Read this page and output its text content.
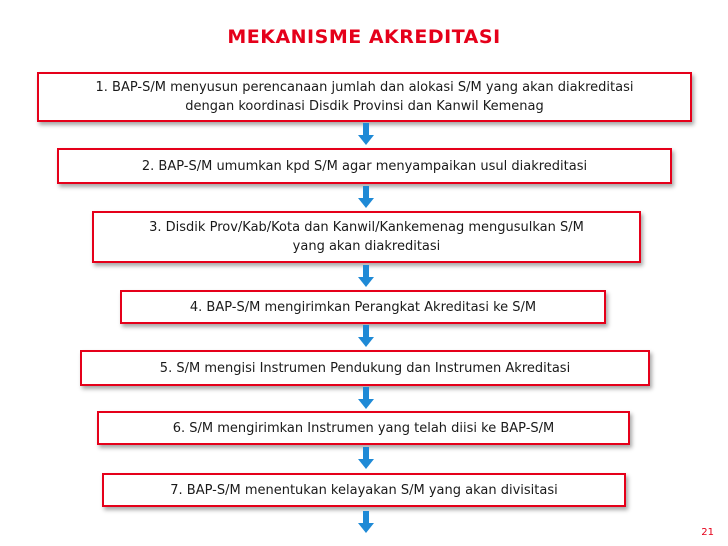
MEKANISME AKREDITASI
1. BAP-S/M menyusun perencanaan jumlah dan alokasi S/M yang akan diakreditasi
dengan koordinasi Disdik Provinsi dan Kanwil Kemenag
2. BAP-S/M umumkan kpd S/M agar menyampaikan usul diakreditasi
3. Disdik Prov/Kab/Kota dan Kanwil/Kankemenag mengusulkan S/M
yang akan diakreditasi
4. BAP-S/M mengirimkan Perangkat Akreditasi ke S/M
5. S/M mengisi Instrumen Pendukung dan Instrumen Akreditasi
6. S/M mengirimkan Instrumen yang telah diisi ke BAP-S/M
7. BAP-S/M menentukan kelayakan S/M yang akan divisitasi
21
